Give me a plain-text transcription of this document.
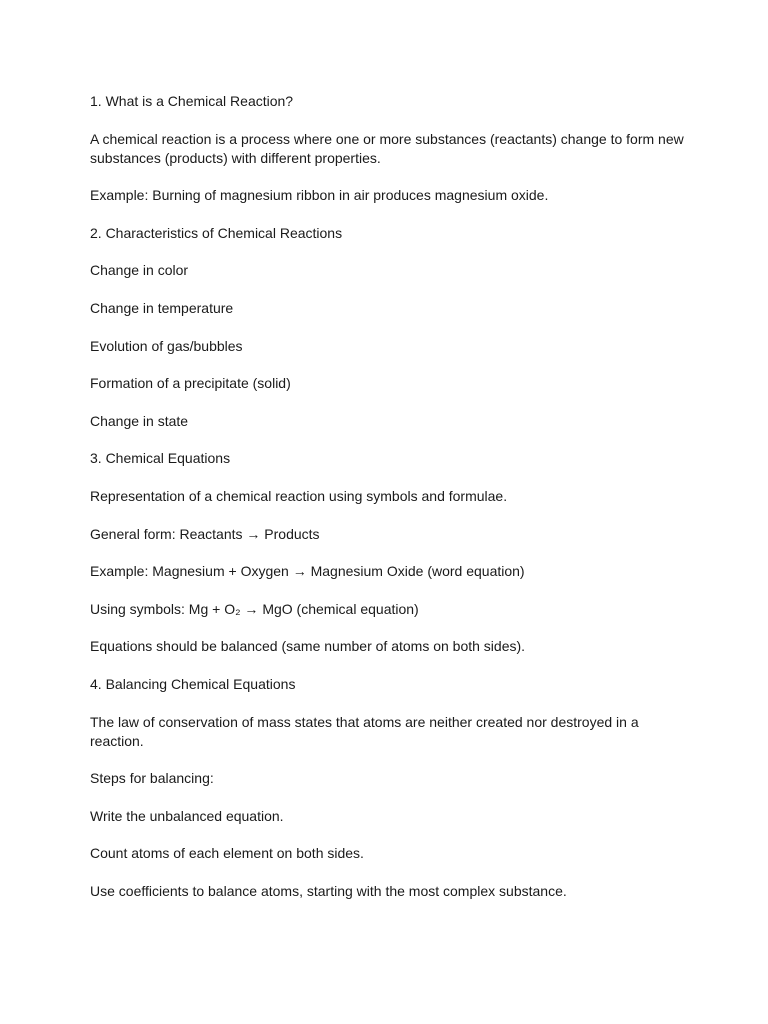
1. What is a Chemical Reaction?

A chemical reaction is a process where one or more substances (reactants) change to form new substances (products) with different properties.

Example: Burning of magnesium ribbon in air produces magnesium oxide.

2. Characteristics of Chemical Reactions

Change in color

Change in temperature

Evolution of gas/bubbles

Formation of a precipitate (solid)

Change in state

3. Chemical Equations

Representation of a chemical reaction using symbols and formulae.

General form: Reactants → Products

Example: Magnesium + Oxygen → Magnesium Oxide (word equation)

Using symbols: Mg + O₂ → MgO (chemical equation)

Equations should be balanced (same number of atoms on both sides).

4. Balancing Chemical Equations

The law of conservation of mass states that atoms are neither created nor destroyed in a reaction.

Steps for balancing:

Write the unbalanced equation.

Count atoms of each element on both sides.

Use coefficients to balance atoms, starting with the most complex substance.
